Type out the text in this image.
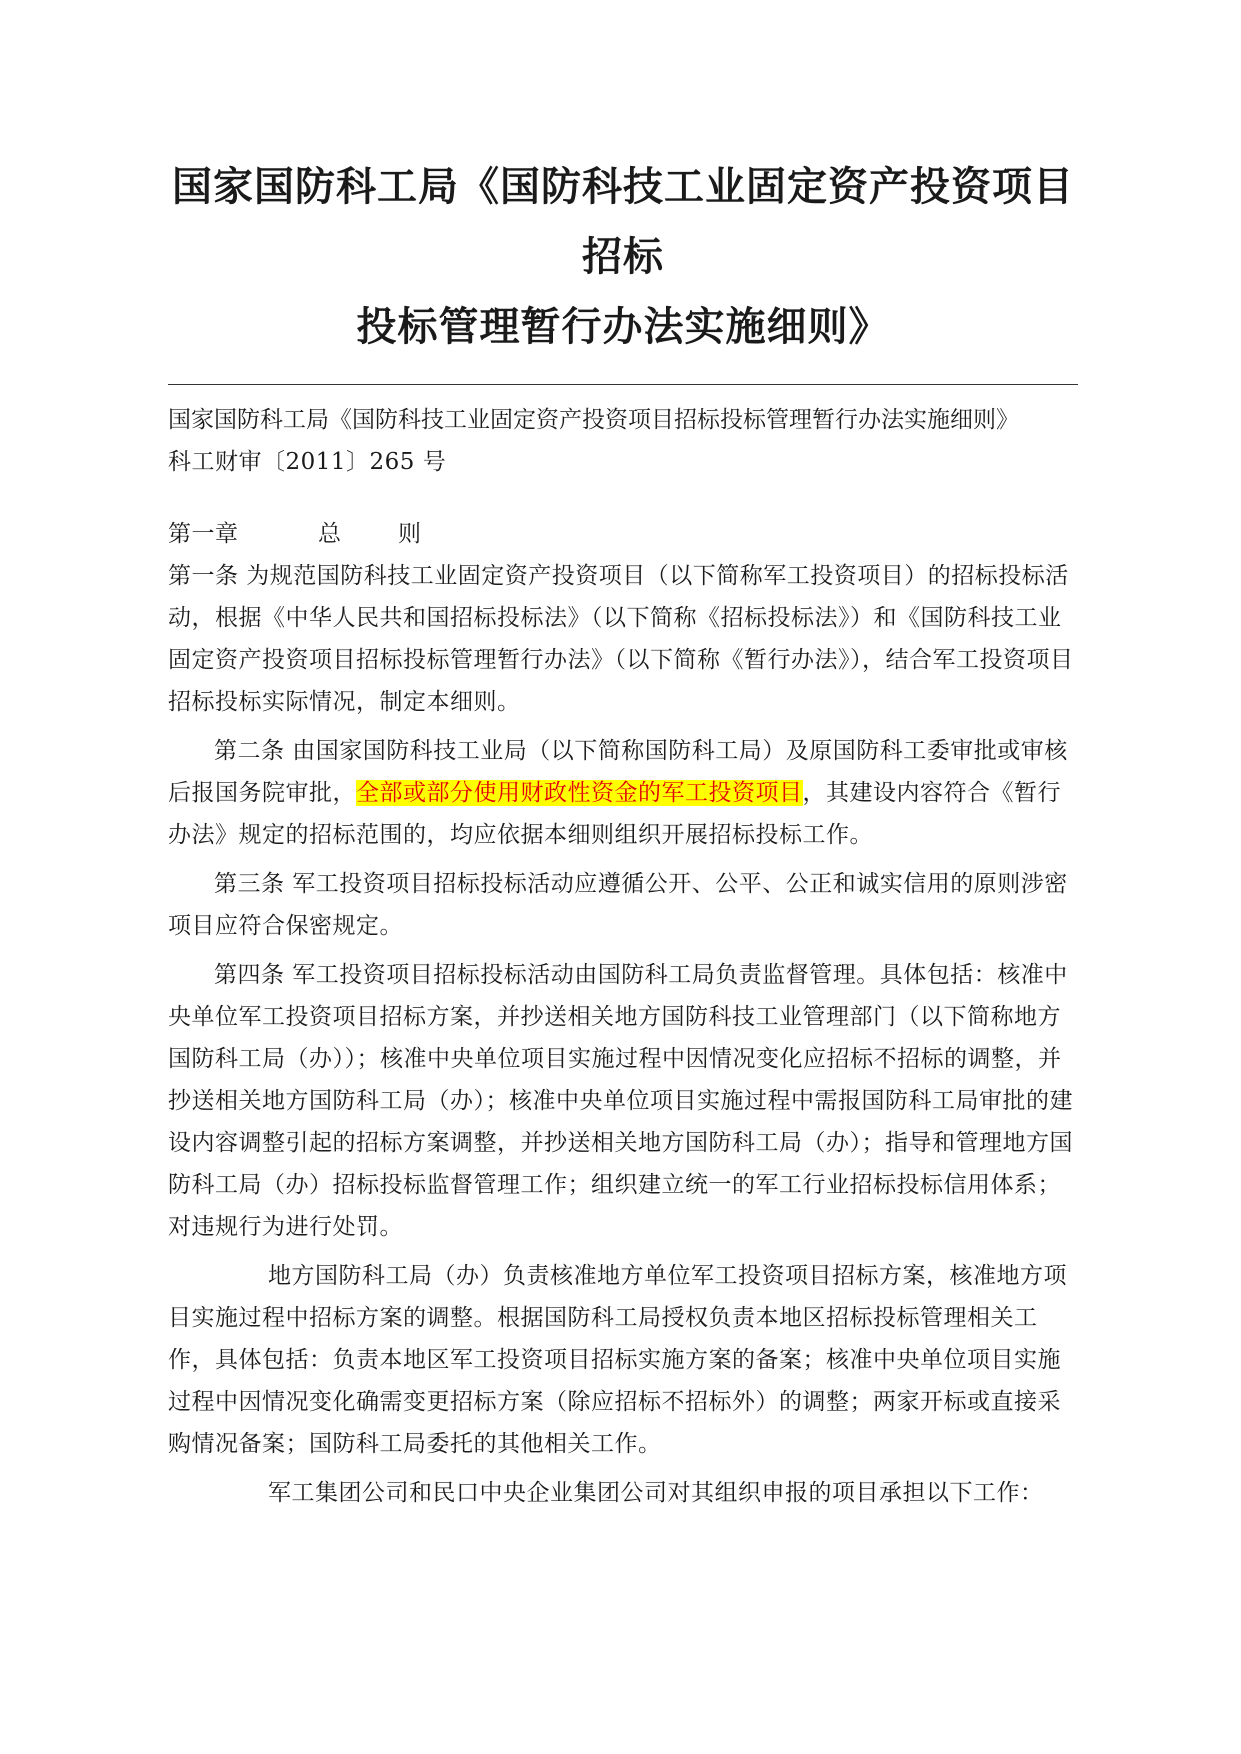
国家国防科工局《国防科技工业固定资产投资项目招标
投标管理暂行办法实施细则》

国家国防科工局《国防科技工业固定资产投资项目招标投标管理暂行办法实施细则》

科工财审〔2011〕265 号

第一章	总 则

第一条 为规范国防科技工业固定资产投资项目（以下简称军工投资项目）的招标投标活动，根据《中华人民共和国招标投标法》（以下简称《招标投标法》）和《国防科技工业固定资产投资项目招标投标管理暂行办法》（以下简称《暂行办法》），结合军工投资项目招标投标实际情况，制定本细则。

第二条 由国家国防科技工业局（以下简称国防科工局）及原国防科工委审批或审核后报国务院审批，全部或部分使用财政性资金的军工投资项目，其建设内容符合《暂行办法》规定的招标范围的，均应依据本细则组织开展招标投标工作。

第三条 军工投资项目招标投标活动应遵循公开、公平、公正和诚实信用的原则涉密项目应符合保密规定。

第四条 军工投资项目招标投标活动由国防科工局负责监督管理。具体包括：核准中央单位军工投资项目招标方案，并抄送相关地方国防科技工业管理部门（以下简称地方国防科工局（办））；核准中央单位项目实施过程中因情况变化应招标不招标的调整，并抄送相关地方国防科工局（办）；核准中央单位项目实施过程中需报国防科工局审批的建设内容调整引起的招标方案调整，并抄送相关地方国防科工局（办）；指导和管理地方国防科工局（办）招标投标监督管理工作；组织建立统一的军工行业招标投标信用体系；对违规行为进行处罚。

地方国防科工局（办）负责核准地方单位军工投资项目招标方案，核准地方项目实施过程中招标方案的调整。根据国防科工局授权负责本地区招标投标管理相关工作，具体包括：负责本地区军工投资项目招标实施方案的备案；核准中央单位项目实施过程中因情况变化确需变更招标方案（除应招标不招标外）的调整；两家开标或直接采购情况备案；国防科工局委托的其他相关工作。

军工集团公司和民口中央企业集团公司对其组织申报的项目承担以下工作：
